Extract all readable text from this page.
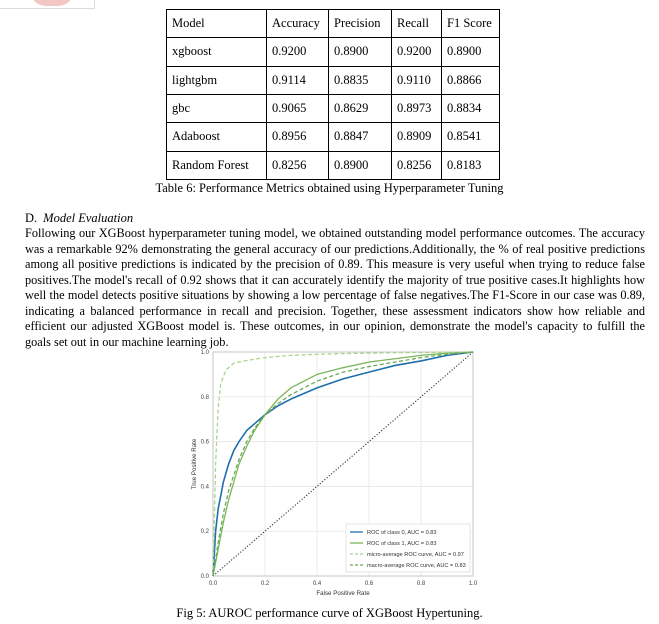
Model	Accuracy	Precision	Recall	F1 Score
xgboost	0.9200	0.8900	0.9200	0.8900
lightgbm	0.9114	0.8835	0.9110	0.8866
gbc	0.9065	0.8629	0.8973	0.8834
Adaboost	0.8956	0.8847	0.8909	0.8541
Random Forest	0.8256	0.8900	0.8256	0.8183
Table 6: Performance Metrics obtained using Hyperparameter Tuning
D. Model Evaluation

Following our XGBoost hyperparameter tuning model, we obtained outstanding model performance outcomes. The accuracy was a remarkable 92% demonstrating the general accuracy of our predictions.Additionally, the % of real positive predictions among all positive predictions is indicated by the precision of 0.89. This measure is very useful when trying to reduce false positives.The model's recall of 0.92 shows that it can accurately identify the majority of true positive cases.It highlights how well the model detects positive situations by showing a low percentage of false negatives.The F1-Score in our case was 0.89, indicating a balanced performance in recall and precision. Together, these assessment indicators show how reliable and efficient our adjusted XGBoost model is. These outcomes, in our opinion, demonstrate the model's capacity to fulfill the goals set out in our machine learning job.

0.0	0.2	0.4	0.6	0.8	1.0
0.0
0.2
0.4
0.6
0.8
1.0
False Positive Rate
True Positive Rate
ROC of class 0, AUC = 0.83
ROC of class 1, AUC = 0.83
micro-average ROC curve, AUC = 0.97
macro-average ROC curve, AUC = 0.83
Fig 5: AUROC performance curve of XGBoost Hypertuning.
